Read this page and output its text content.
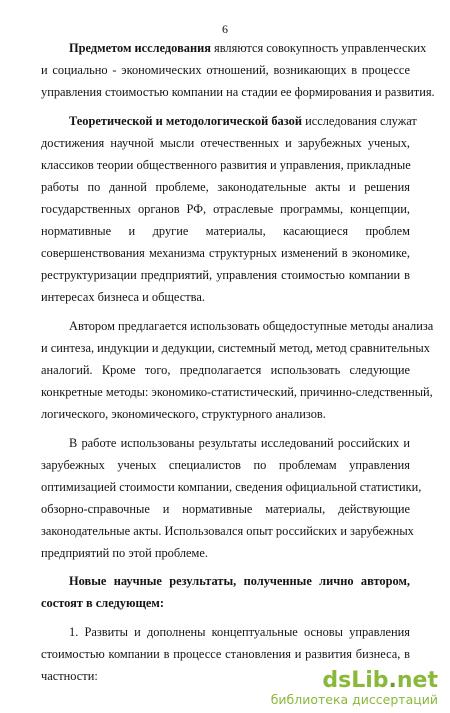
6

Предметом исследования являются совокупность управленческих

и социально - экономических отношений, возникающих в процессе

управления стоимостью компании на стадии ее формирования и развития.

Теоретической и методологической базой исследования служат

достижения научной мысли отечественных и зарубежных ученых,

классиков теории общественного развития и управления, прикладные

работы по данной проблеме, законодательные акты и решения

государственных органов РФ, отраслевые программы, концепции,

нормативные и другие материалы, касающиеся проблем

совершенствования механизма структурных изменений в экономике,

реструктуризации предприятий, управления стоимостью компании в

интересах бизнеса и общества.

Автором предлагается использовать общедоступные методы анализа

и синтеза, индукции и дедукции, системный метод, метод сравнительных

аналогий. Кроме того, предполагается использовать следующие

конкретные методы: экономико-статистический, причинно-следственный,

логического, экономического, структурного анализов.

В работе использованы результаты исследований российских и

зарубежных ученых специалистов по проблемам управления

оптимизацией стоимости компании, сведения официальной статистики,

обзорно-справочные и нормативные материалы, действующие

законодательные акты. Использовался опыт российских и зарубежных

предприятий по этой проблеме.

Новые научные результаты, полученные лично автором,

состоят в следующем:

1. Развиты и дополнены концептуальные основы управления

стоимостью компании в процессе становления и развития бизнеса, в

частности:	dsLib.net
библиотека диссертаций
